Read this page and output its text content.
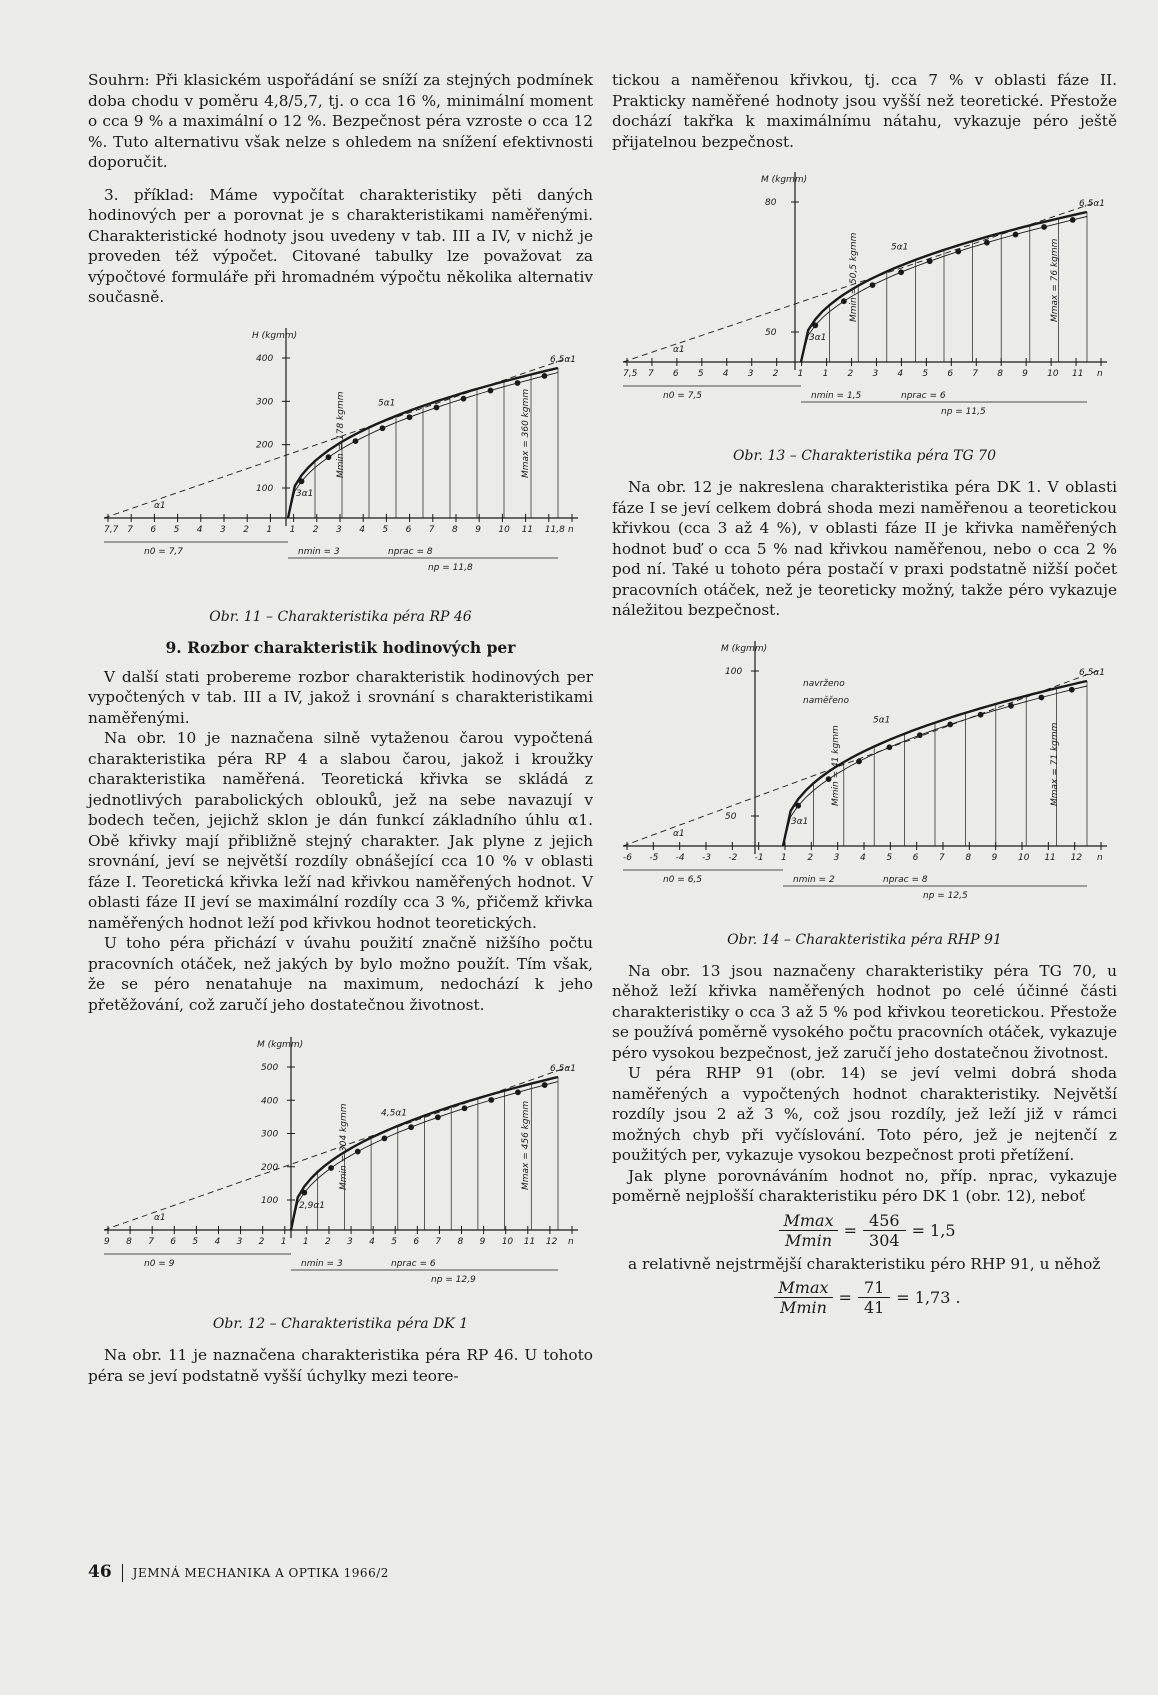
Souhrn: Při klasickém uspořádání se sníží za stejných podmínek doba chodu v poměru 4,8/5,7, tj. o cca 16 %, minimální moment o cca 9 % a maximální o 12 %. Bezpečnost péra vzroste o cca 12 %. Tuto alternativu však nelze s ohledem na snížení efektivnosti doporučit.

3. příklad: Máme vypočítat charakteristiky pěti daných hodinových per a porovnat je s charakteristikami naměřenými. Charakteristické hodnoty jsou uvedeny v tab. III a IV, v nichž je proveden též výpočet. Citované tabulky lze považovat za výpočtové formuláře při hromadném výpočtu několika alternativ současně.

7,7 7 6 5 4 3 2 1 1 2 3 4 5 6 7 8 9 10 11 11,8 n
400
300
200
100
H (kgmm)
Mmin = 178 kgmm	Mmax = 360 kgmm
n0 = 7,7	nmin = 3	nprac = 8
np = 11,8
3α1
5α1
6,5α1
α1

Obr. 11 – Charakteristika péra RP 46

9. Rozbor charakteristik hodinových per

V další stati probereme rozbor charakteristik hodinových per vypočtených v tab. III a IV, jakož i srovnání s charakteristikami naměřenými.

Na obr. 10 je naznačena silně vytaženou čarou vypočtená charakteristika péra RP 4 a slabou čarou, jakož i kroužky charakteristika naměřená. Teoretická křivka se skládá z jednotlivých parabolických oblouků, jež na sebe navazují v bodech tečen, jejichž sklon je dán funkcí základního úhlu α1. Obě křivky mají přibližně stejný charakter. Jak plyne z jejich srovnání, jeví se největší rozdíly obnášející cca 10 % v oblasti fáze I. Teoretická křivka leží nad křivkou naměřených hodnot. V oblasti fáze II jeví se maximální rozdíly cca 3 %, přičemž křivka naměřených hodnot leží pod křivkou hodnot teoretických.

U toho péra přichází v úvahu použití značně nižšího počtu pracovních otáček, než jakých by bylo možno použít. Tím však, že se péro nenatahuje na maximum, nedochází k jeho přetěžování, což zaručí jeho dostatečnou životnost.

9 8 7 6 5 4 3 2 1 1 2 3 4 5 6 7 8 9 10 11 12 n
500
400
300
200
100
M (kgmm)
Mmin = 304 kgmm	Mmax = 456 kgmm
n0 = 9	nmin = 3	nprac = 6
np = 12,9
2,9α1
4,5α1
6,5α1
α1

Obr. 12 – Charakteristika péra DK 1

Na obr. 11 je naznačena charakteristika péra RP 46. U tohoto péra se jeví podstatně vyšší úchylky mezi teore-

tickou a naměřenou křivkou, tj. cca 7 % v oblasti fáze II. Prakticky naměřené hodnoty jsou vyšší než teoretické. Přestože dochází takřka k maximálnímu nátahu, vykazuje péro ještě přijatelnou bezpečnost.

7,5 7 6 5 4 3 2 1 1 2 3 4 5 6 7 8 9 10 11 n
80
50
M (kgmm)
Mmin = 50,5 kgmm	Mmax = 76 kgmm
n0 = 7,5	nmin = 1,5	nprac = 6
np = 11,5
3α1
5α1
6,5α1
α1

Obr. 13 – Charakteristika péra TG 70

Na obr. 12 je nakreslena charakteristika péra DK 1. V oblasti fáze I se jeví celkem dobrá shoda mezi naměřenou a teoretickou křivkou (cca 3 až 4 %), v oblasti fáze II je křivka naměřených hodnot buď o cca 5 % nad křivkou naměřenou, nebo o cca 2 % pod ní. Také u tohoto péra postačí v praxi podstatně nižší počet pracovních otáček, než je teoreticky možný, takže péro vykazuje náležitou bezpečnost.

-6 -5 -4 -3 -2 -1 1 2 3 4 5 6 7 8 9 10 11 12 n
100
50
M (kgmm)
navrženo
naměřeno
Mmin = 41 kgmm	Mmax = 71 kgmm
n0 = 6,5	nmin = 2	nprac = 8
np = 12,5
3α1
5α1
6,5α1
α1

Obr. 14 – Charakteristika péra RHP 91

Na obr. 13 jsou naznačeny charakteristiky péra TG 70, u něhož leží křivka naměřených hodnot po celé účinné části charakteristiky o cca 3 až 5 % pod křivkou teoretickou. Přestože se používá poměrně vysokého počtu pracovních otáček, vykazuje péro vysokou bezpečnost, jež zaručí jeho dostatečnou životnost.

U péra RHP 91 (obr. 14) se jeví velmi dobrá shoda naměřených a vypočtených hodnot charakteristiky. Největší rozdíly jsou 2 až 3 %, což jsou rozdíly, jež leží již v rámci možných chyb při vyčíslování. Toto péro, jež je nejtenčí z použitých per, vykazuje vysokou bezpečnost proti přetížení.

Jak plyne porovnáváním hodnot no, příp. nprac, vykazuje poměrně nejplošší charakteristiku péro DK 1 (obr. 12), neboť

Mmax
Mmin
= $\frac{456}{304} = 1,5$

a relativně nejstrmější charakteristiku péro RHP 91, u něhož

Mmax
Mmin
= $\frac{71}{41} = 1,73$ .
46 JEMNÁ MECHANIKA A OPTIKA 1966/2
